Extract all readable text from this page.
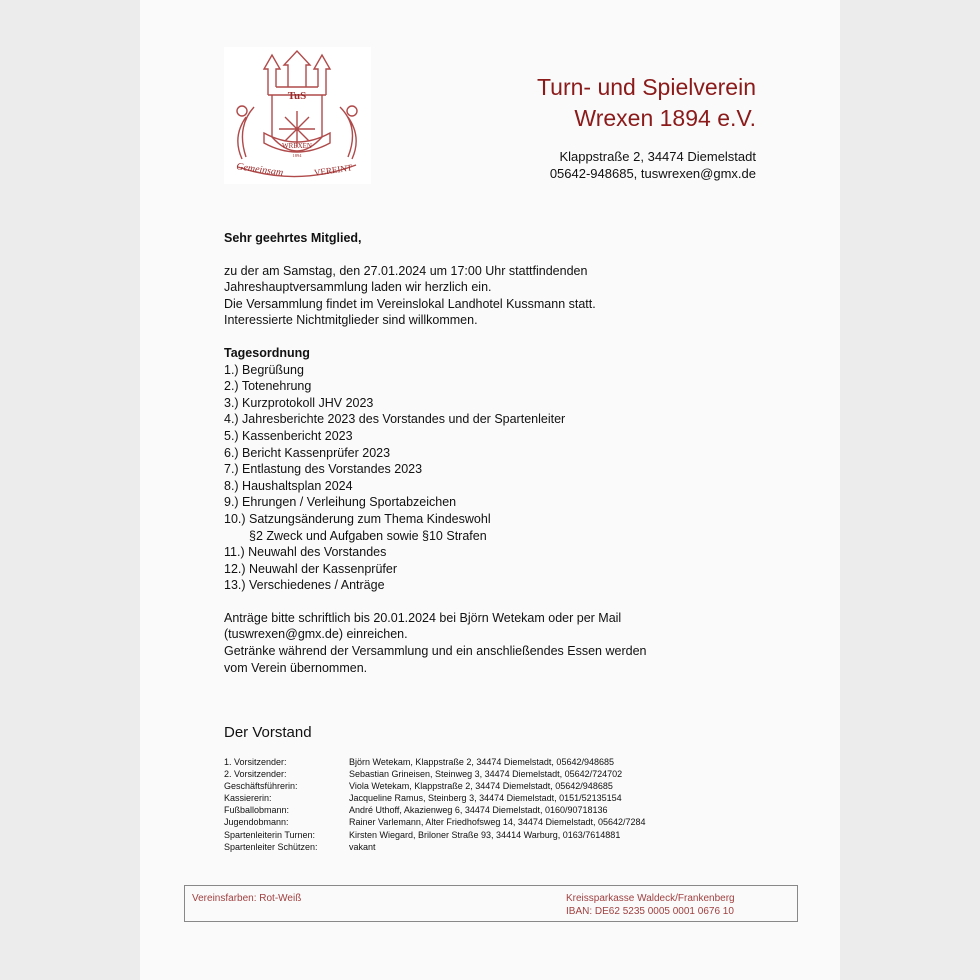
TuS
WREXEN
1894
Gemeinsam	VEREINT
Turn- und Spielverein
Wrexen 1894 e.V.
Klappstraße 2, 34474 Diemelstadt
05642-948685, tuswrexen@gmx.de

Sehr geehrtes Mitglied,

zu der am Samstag, den 27.01.2024 um 17:00 Uhr stattfindenden

Jahreshauptversammlung laden wir herzlich ein.

Die Versammlung findet im Vereinslokal Landhotel Kussmann statt.

Interessierte Nichtmitglieder sind willkommen.

Tagesordnung

1.) Begrüßung

2.) Totenehrung

3.) Kurzprotokoll JHV 2023

4.) Jahresberichte 2023 des Vorstandes und der Spartenleiter

5.) Kassenbericht 2023

6.) Bericht Kassenprüfer 2023

7.) Entlastung des Vorstandes 2023

8.) Haushaltsplan 2024

9.) Ehrungen / Verleihung Sportabzeichen

10.) Satzungsänderung zum Thema Kindeswohl

§2 Zweck und Aufgaben sowie §10 Strafen

11.) Neuwahl des Vorstandes

12.) Neuwahl der Kassenprüfer

13.) Verschiedenes / Anträge

Anträge bitte schriftlich bis 20.01.2024 bei Björn Wetekam oder per Mail

(tuswrexen@gmx.de) einreichen.

Getränke während der Versammlung und ein anschließendes Essen werden

vom Verein übernommen.

Der Vorstand
1. Vorsitzender:	Björn Wetekam, Klappstraße 2, 34474 Diemelstadt, 05642/948685
2. Vorsitzender:	Sebastian Grineisen, Steinweg 3, 34474 Diemelstadt, 05642/724702
Geschäftsführerin:	Viola Wetekam, Klappstraße 2, 34474 Diemelstadt, 05642/948685
Kassiererin:	Jacqueline Ramus, Steinberg 3, 34474 Diemelstadt, 0151/52135154
Fußballobmann:	André Uthoff, Akazienweg 6, 34474 Diemelstadt, 0160/90718136
Jugendobmann:	Rainer Varlemann, Alter Friedhofsweg 14, 34474 Diemelstadt, 05642/7284
Spartenleiterin Turnen:	Kirsten Wiegard, Briloner Straße 93, 34414 Warburg, 0163/7614881
Spartenleiter Schützen:	vakant
Vereinsfarben: Rot-Weiß	Kreissparkasse Waldeck/Frankenberg
IBAN: DE62 5235 0005 0001 0676 10
